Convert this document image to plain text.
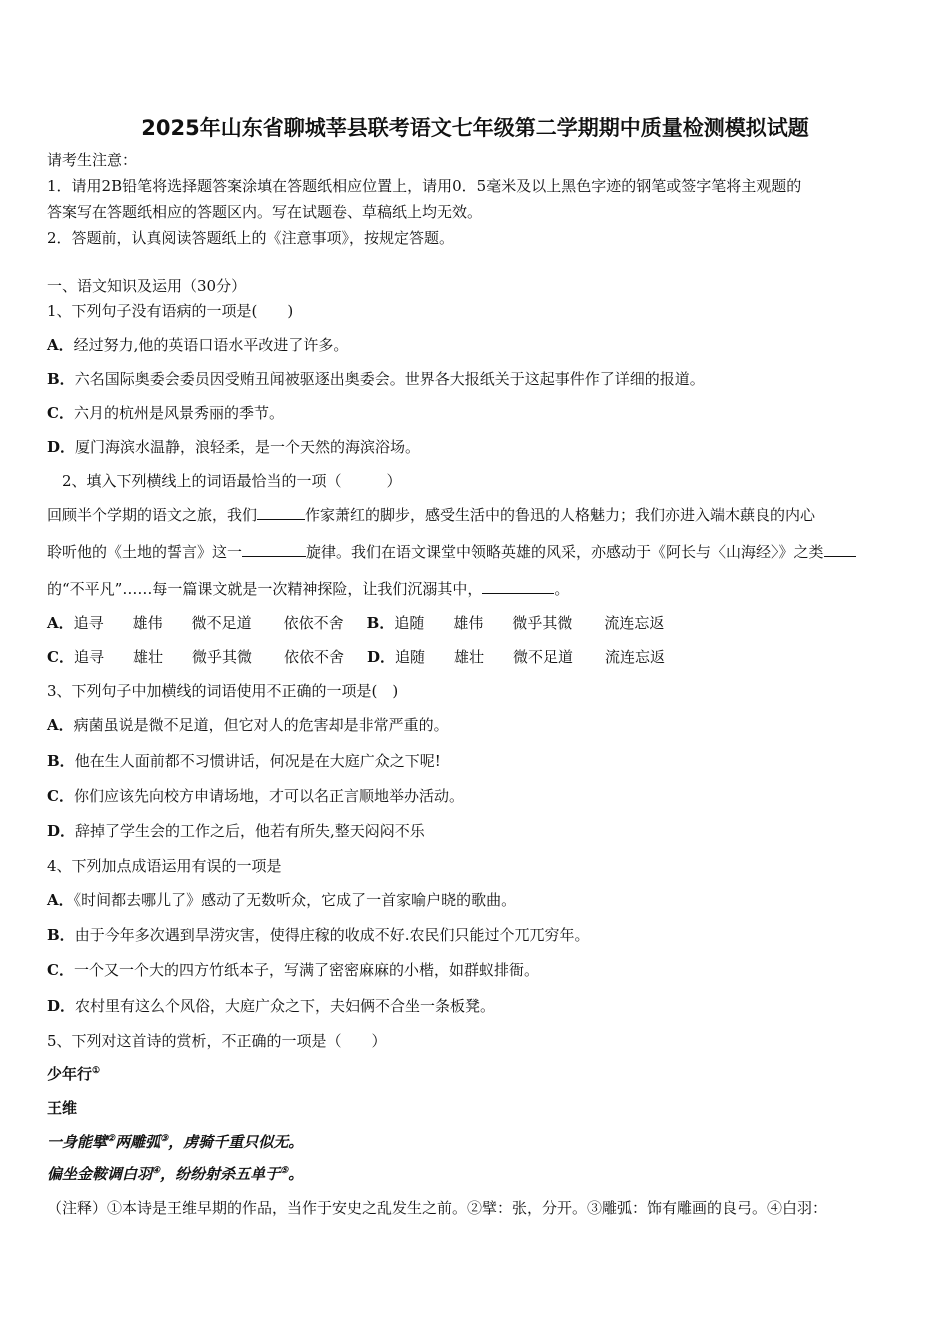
2025年山东省聊城莘县联考语文七年级第二学期期中质量检测模拟试题
请考生注意：
1．请用2B铅笔将选择题答案涂填在答题纸相应位置上，请用0．5毫米及以上黑色字迹的钢笔或签字笔将主观题的
答案写在答题纸相应的答题区内。写在试题卷、草稿纸上均无效。
2．答题前，认真阅读答题纸上的《注意事项》，按规定答题。
一、语文知识及运用（30分）
1、下列句子没有语病的一项是(　　)
A．经过努力,他的英语口语水平改进了许多。
B．六名国际奥委会委员因受贿丑闻被驱逐出奥委会。世界各大报纸关于这起事件作了详细的报道。
C．六月的杭州是风景秀丽的季节。
D．厦门海滨水温静，浪轻柔，是一个天然的海滨浴场。
2、填入下列横线上的词语最恰当的一项（　　　）
回顾半个学期的语文之旅，我们	作家萧红的脚步，感受生活中的鲁迅的人格魅力；我们亦进入端木蕻良的内心
聆听他的《土地的誓言》这一	旋律。我们在语文课堂中领略英雄的风采，亦感动于《阿长与〈山海经〉》之类
的“不平凡”……每一篇课文就是一次精神探险，让我们沉溺其中，	。
A．追寻 雄伟 微不足道 依依不舍 B．追随 雄伟 微乎其微 流连忘返
C．追寻 雄壮 微乎其微 依依不舍 D．追随 雄壮 微不足道 流连忘返
3、下列句子中加横线的词语使用不正确的一项是(　)
A．病菌虽说是微不足道，但它对人的危害却是非常严重的。
B．他在生人面前都不习惯讲话，何况是在大庭广众之下呢!
C．你们应该先向校方申请场地，才可以名正言顺地举办活动。
D．辞掉了学生会的工作之后，他若有所失,整天闷闷不乐
4、下列加点成语运用有误的一项是
A．《时间都去哪儿了》感动了无数听众，它成了一首家喻户晓的歌曲。
B．由于今年多次遇到旱涝灾害，使得庄稼的收成不好.农民们只能过个兀兀穷年。
C．一个又一个大的四方竹纸本子，写满了密密麻麻的小楷，如群蚁排衙。
D．农村里有这么个风俗，大庭广众之下，夫妇俩不合坐一条板凳。
5、下列对这首诗的赏析，不正确的一项是（　　）
少年行①
王维
一身能擘②两雕弧③，虏骑千重只似无。
偏坐金鞍调白羽④，纷纷射杀五单于⑤。
（注释）①本诗是王维早期的作品，当作于安史之乱发生之前。②擘：张，分开。③雕弧：饰有雕画的良弓。④白羽：
